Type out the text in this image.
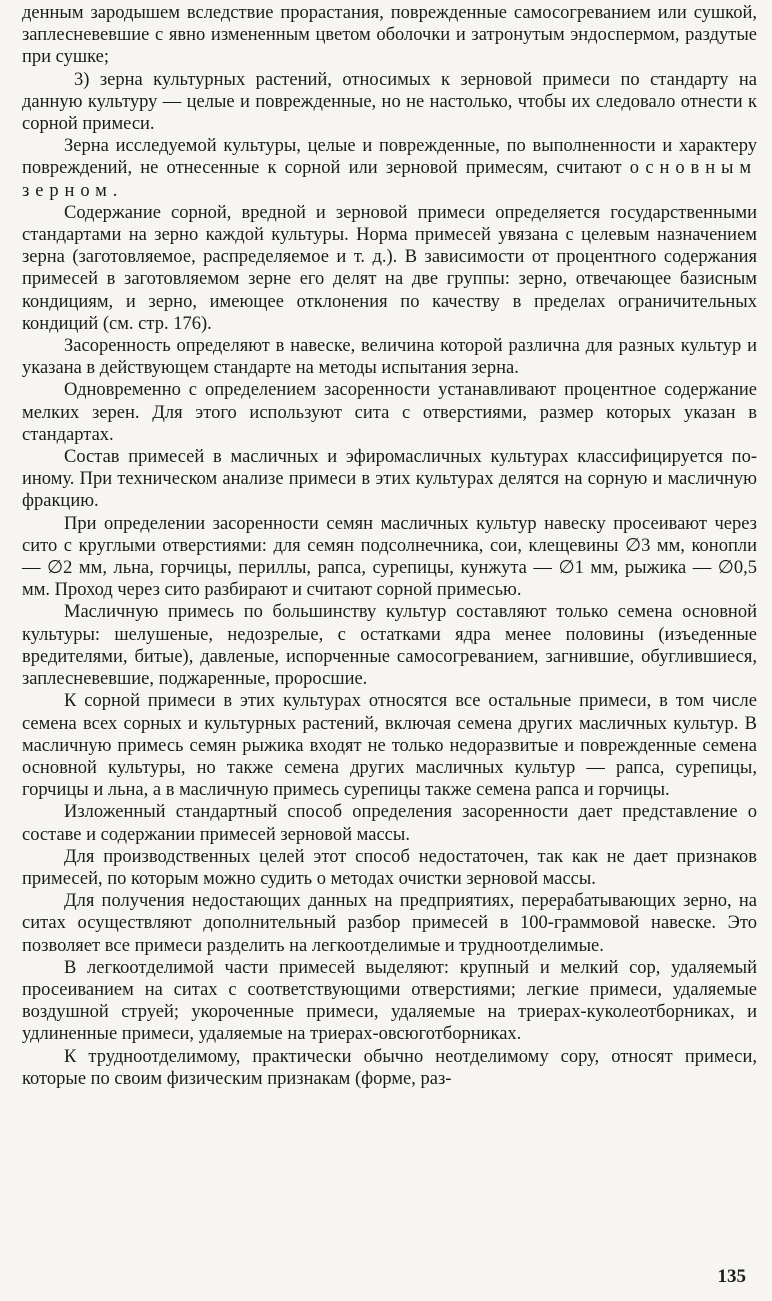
денным зародышем вследствие прорастания, поврежденные самосогреванием или сушкой, заплесневевшие с явно измененным цветом оболочки и затронутым эндоспермом, раздутые при сушке;

3) зерна культурных растений, относимых к зерновой примеси по стандарту на данную культуру — целые и поврежденные, но не настолько, чтобы их следовало отнести к сорной примеси.

Зерна исследуемой культуры, целые и поврежденные, по выполненности и характеру повреждений, не отнесенные к сорной или зерновой примесям, считают основным зерном.

Содержание сорной, вредной и зерновой примеси определяется государственными стандартами на зерно каждой культуры. Норма примесей увязана с целевым назначением зерна (заготовляемое, распределяемое и т. д.). В зависимости от процентного содержания примесей в заготовляемом зерне его делят на две группы: зерно, отвечающее базисным кондициям, и зерно, имеющее отклонения по качеству в пределах ограничительных кондиций (см. стр. 176).

Засоренность определяют в навеске, величина которой различна для разных культур и указана в действующем стандарте на методы испытания зерна.

Одновременно с определением засоренности устанавливают процентное содержание мелких зерен. Для этого используют сита с отверстиями, размер которых указан в стандартах.

Состав примесей в масличных и эфиромасличных культурах классифицируется по-иному. При техническом анализе примеси в этих культурах делятся на сорную и масличную фракцию.

При определении засоренности семян масличных культур навеску просеивают через сито с круглыми отверстиями: для семян подсолнечника, сои, клещевины ∅3 мм, конопли — ∅2 мм, льна, горчицы, периллы, рапса, сурепицы, кунжута — ∅1 мм, рыжика — ∅0,5 мм. Проход через сито разбирают и считают сорной примесью.

Масличную примесь по большинству культур составляют только семена основной культуры: шелушеные, недозрелые, с остатками ядра менее половины (изъеденные вредителями, битые), давленые, испорченные самосогреванием, загнившие, обуглившиеся, заплесневевшие, поджаренные, проросшие.

К сорной примеси в этих культурах относятся все остальные примеси, в том числе семена всех сорных и культурных растений, включая семена других масличных культур. В масличную примесь семян рыжика входят не только недоразвитые и поврежденные семена основной культуры, но также семена других масличных культур — рапса, сурепицы, горчицы и льна, а в масличную примесь сурепицы также семена рапса и горчицы.

Изложенный стандартный способ определения засоренности дает представление о составе и содержании примесей зерновой массы.

Для производственных целей этот способ недостаточен, так как не дает признаков примесей, по которым можно судить о методах очистки зерновой массы.

Для получения недостающих данных на предприятиях, перерабатывающих зерно, на ситах осуществляют дополнительный разбор примесей в 100-граммовой навеске. Это позволяет все примеси разделить на легкоотделимые и трудноотделимые.

В легкоотделимой части примесей выделяют: крупный и мелкий сор, удаляемый просеиванием на ситах с соответствующими отверстиями; легкие примеси, удаляемые воздушной струей; укороченные примеси, удаляемые на триерах-куколеотборниках, и удлиненные примеси, удаляемые на триерах-овсюготборниках.

К трудноотделимому, практически обычно неотделимому сору, относят примеси, которые по своим физическим признакам (форме, раз-

135
